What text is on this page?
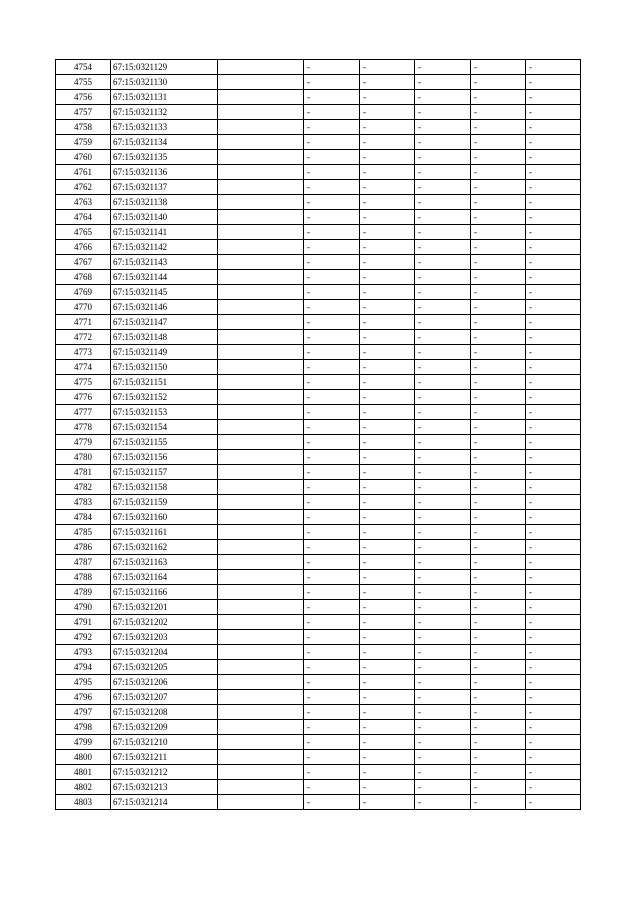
4754	67:15:0321129		-	-	-	-	-
4755	67:15:0321130		-	-	-	-	-
4756	67:15:0321131		-	-	-	-	-
4757	67:15:0321132		-	-	-	-	-
4758	67:15:0321133		-	-	-	-	-
4759	67:15:0321134		-	-	-	-	-
4760	67:15:0321135		-	-	-	-	-
4761	67:15:0321136		-	-	-	-	-
4762	67:15:0321137		-	-	-	-	-
4763	67:15:0321138		-	-	-	-	-
4764	67:15:0321140		-	-	-	-	-
4765	67:15:0321141		-	-	-	-	-
4766	67:15:0321142		-	-	-	-	-
4767	67:15:0321143		-	-	-	-	-
4768	67:15:0321144		-	-	-	-	-
4769	67:15:0321145		-	-	-	-	-
4770	67:15:0321146		-	-	-	-	-
4771	67:15:0321147		-	-	-	-	-
4772	67:15:0321148		-	-	-	-	-
4773	67:15:0321149		-	-	-	-	-
4774	67:15:0321150		-	-	-	-	-
4775	67:15:0321151		-	-	-	-	-
4776	67:15:0321152		-	-	-	-	-
4777	67:15:0321153		-	-	-	-	-
4778	67:15:0321154		-	-	-	-	-
4779	67:15:0321155		-	-	-	-	-
4780	67:15:0321156		-	-	-	-	-
4781	67:15:0321157		-	-	-	-	-
4782	67:15:0321158		-	-	-	-	-
4783	67:15:0321159		-	-	-	-	-
4784	67:15:0321160		-	-	-	-	-
4785	67:15:0321161		-	-	-	-	-
4786	67:15:0321162		-	-	-	-	-
4787	67:15:0321163		-	-	-	-	-
4788	67:15:0321164		-	-	-	-	-
4789	67:15:0321166		-	-	-	-	-
4790	67:15:0321201		-	-	-	-	-
4791	67:15:0321202		-	-	-	-	-
4792	67:15:0321203		-	-	-	-	-
4793	67:15:0321204		-	-	-	-	-
4794	67:15:0321205		-	-	-	-	-
4795	67:15:0321206		-	-	-	-	-
4796	67:15:0321207		-	-	-	-	-
4797	67:15:0321208		-	-	-	-	-
4798	67:15:0321209		-	-	-	-	-
4799	67:15:0321210		-	-	-	-	-
4800	67:15:0321211		-	-	-	-	-
4801	67:15:0321212		-	-	-	-	-
4802	67:15:0321213		-	-	-	-	-
4803	67:15:0321214		-	-	-	-	-
